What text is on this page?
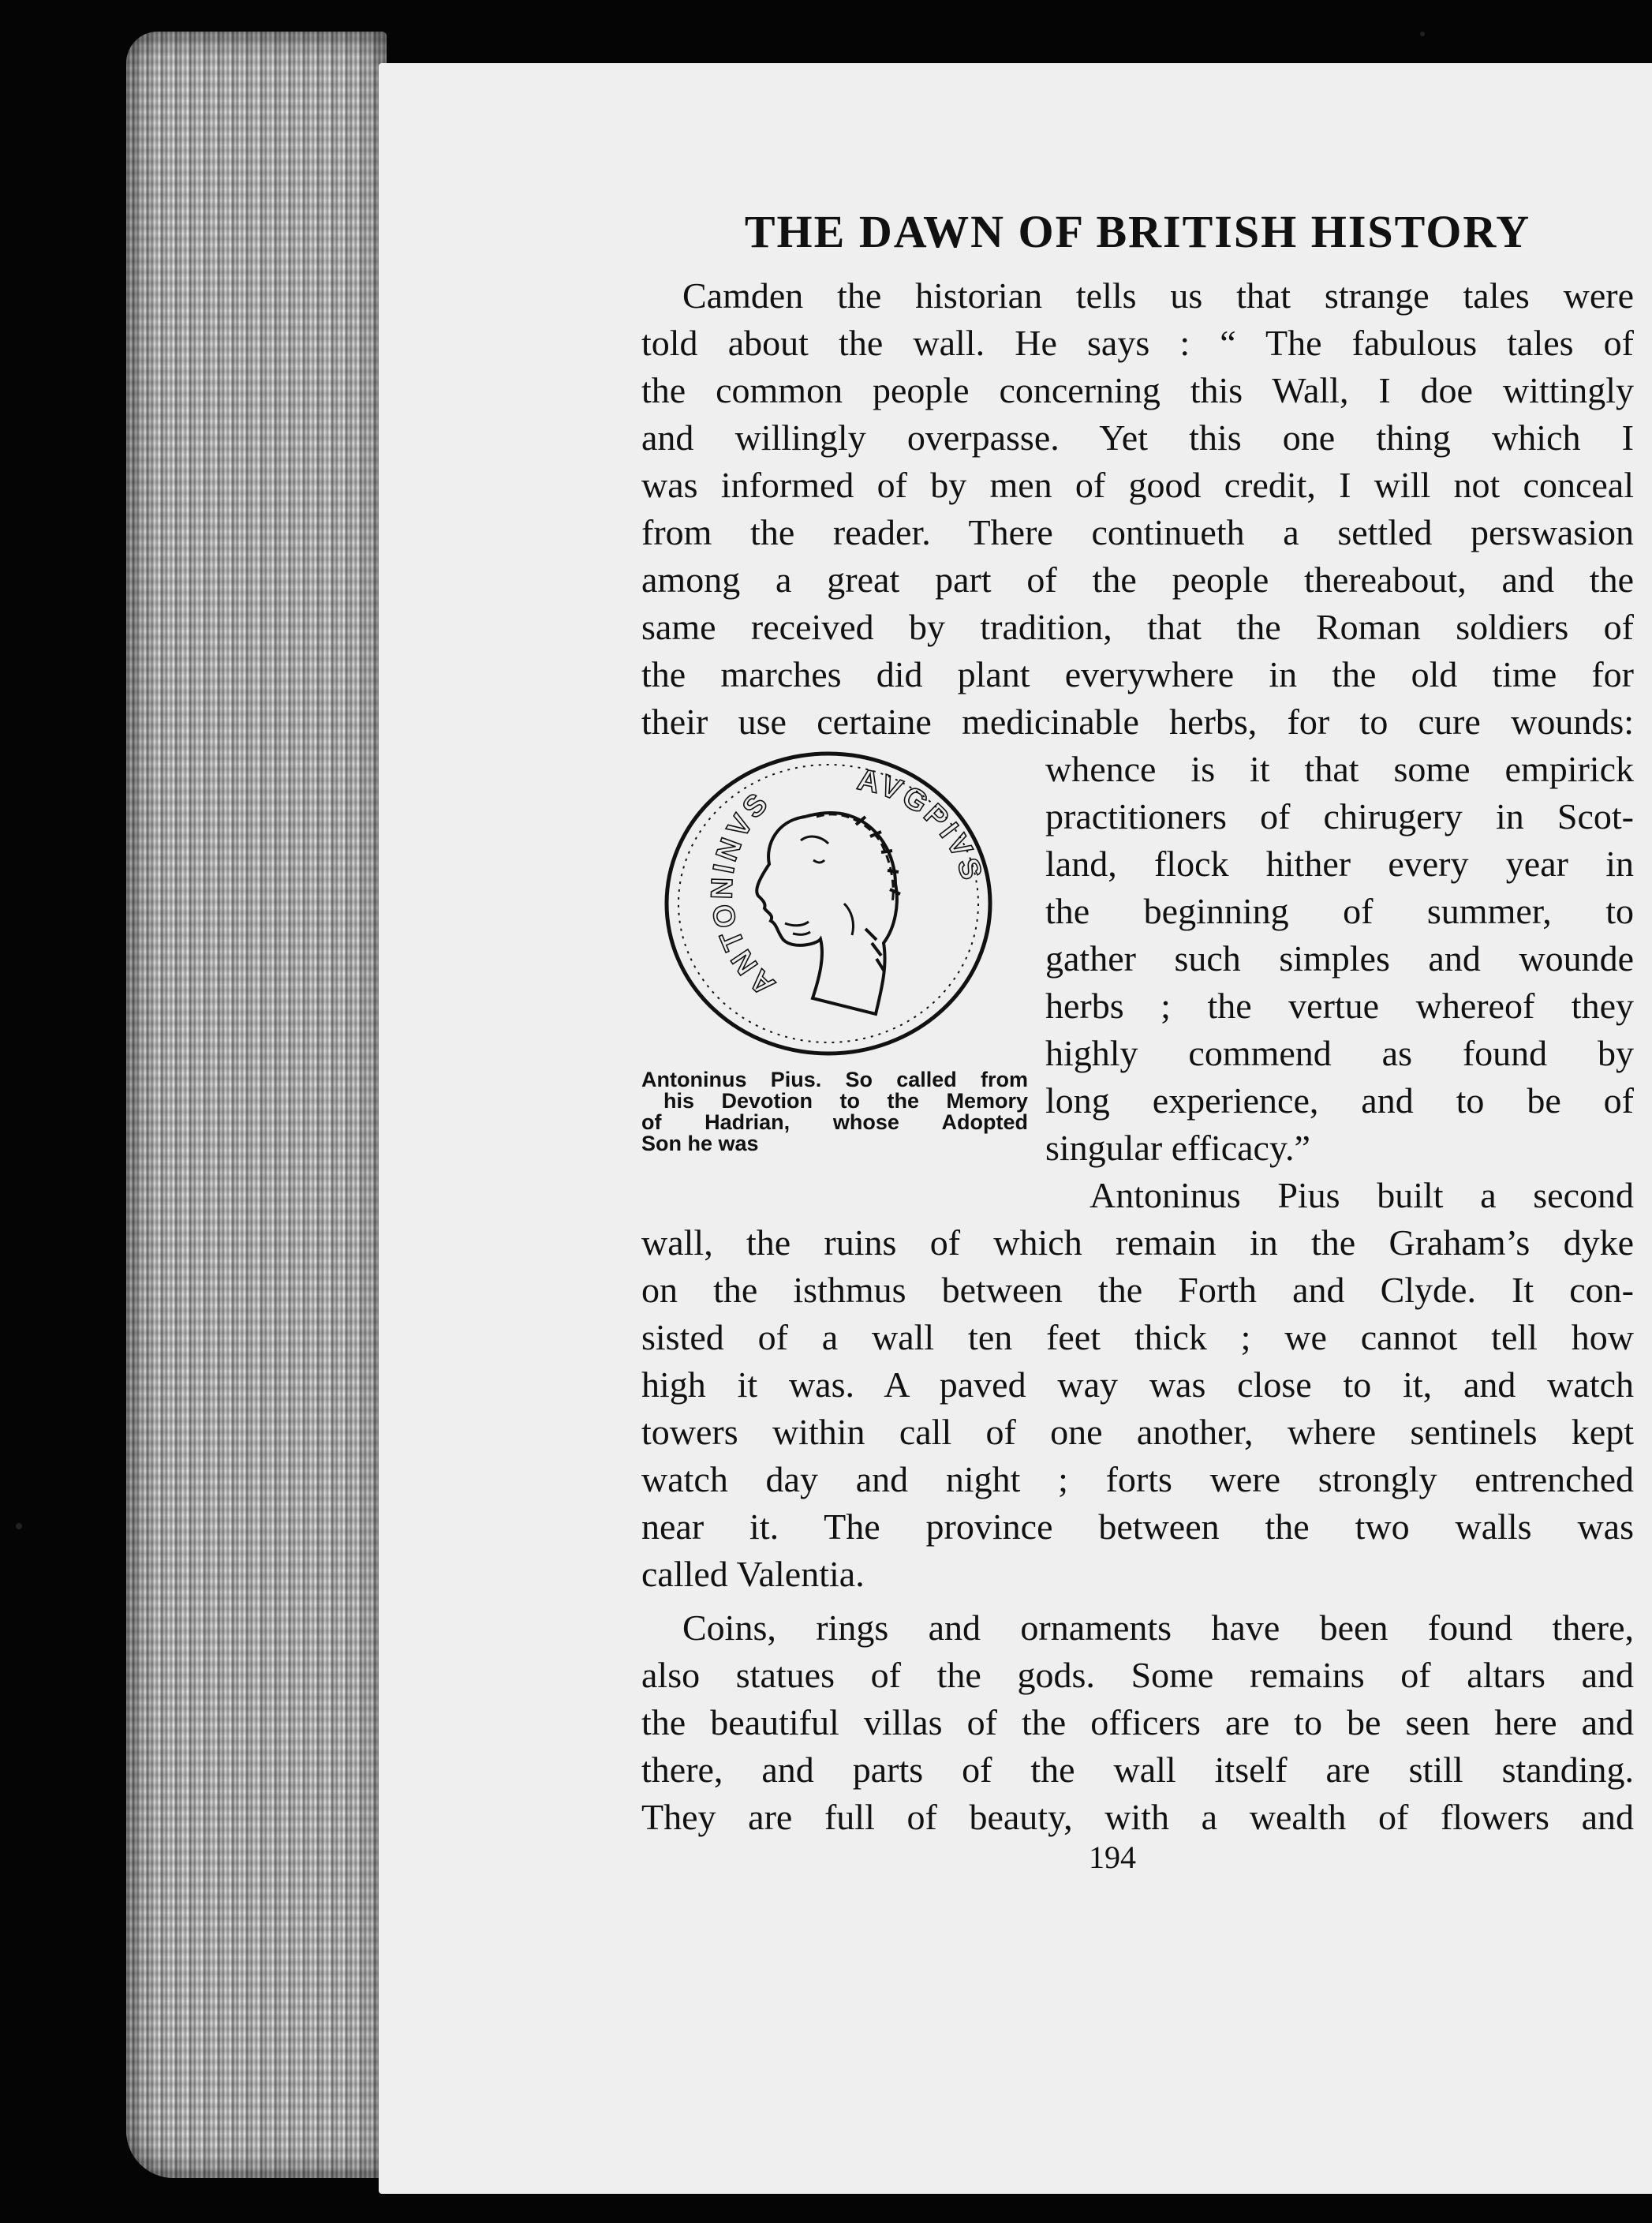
THE DAWN OF BRITISH HISTORY
Camden the historian tells us that strange tales were
told about the wall. He says : “ The fabulous tales of
the common people concerning this Wall, I doe wittingly
and willingly overpasse. Yet this one thing which I
was informed of by men of good credit, I will not conceal
from the reader. There continueth a settled perswasion
among a great part of the people thereabout, and the
same received by tradition, that the Roman soldiers of
the marches did plant everywhere in the old time for
their use certaine medicinable herbs, for to cure wounds:
ANTONINVS
AVGPIVS
Antoninus Pius. So called from
his Devotion to the Memory
of Hadrian, whose Adopted
Son he was
whence is it that some empirick
practitioners of chirugery in Scot-
land, flock hither every year in
the beginning of summer, to
gather such simples and wounde
herbs ; the vertue whereof they
highly commend as found by
long experience, and to be of
singular efficacy.”
Antoninus Pius built a second
wall, the ruins of which remain in the Graham’s dyke
on the isthmus between the Forth and Clyde. It con-
sisted of a wall ten feet thick ; we cannot tell how
high it was. A paved way was close to it, and watch
towers within call of one another, where sentinels kept
watch day and night ; forts were strongly entrenched
near it. The province between the two walls was
called Valentia.
Coins, rings and ornaments have been found there,
also statues of the gods. Some remains of altars and
the beautiful villas of the officers are to be seen here and
there, and parts of the wall itself are still standing.
They are full of beauty, with a wealth of flowers and
194
